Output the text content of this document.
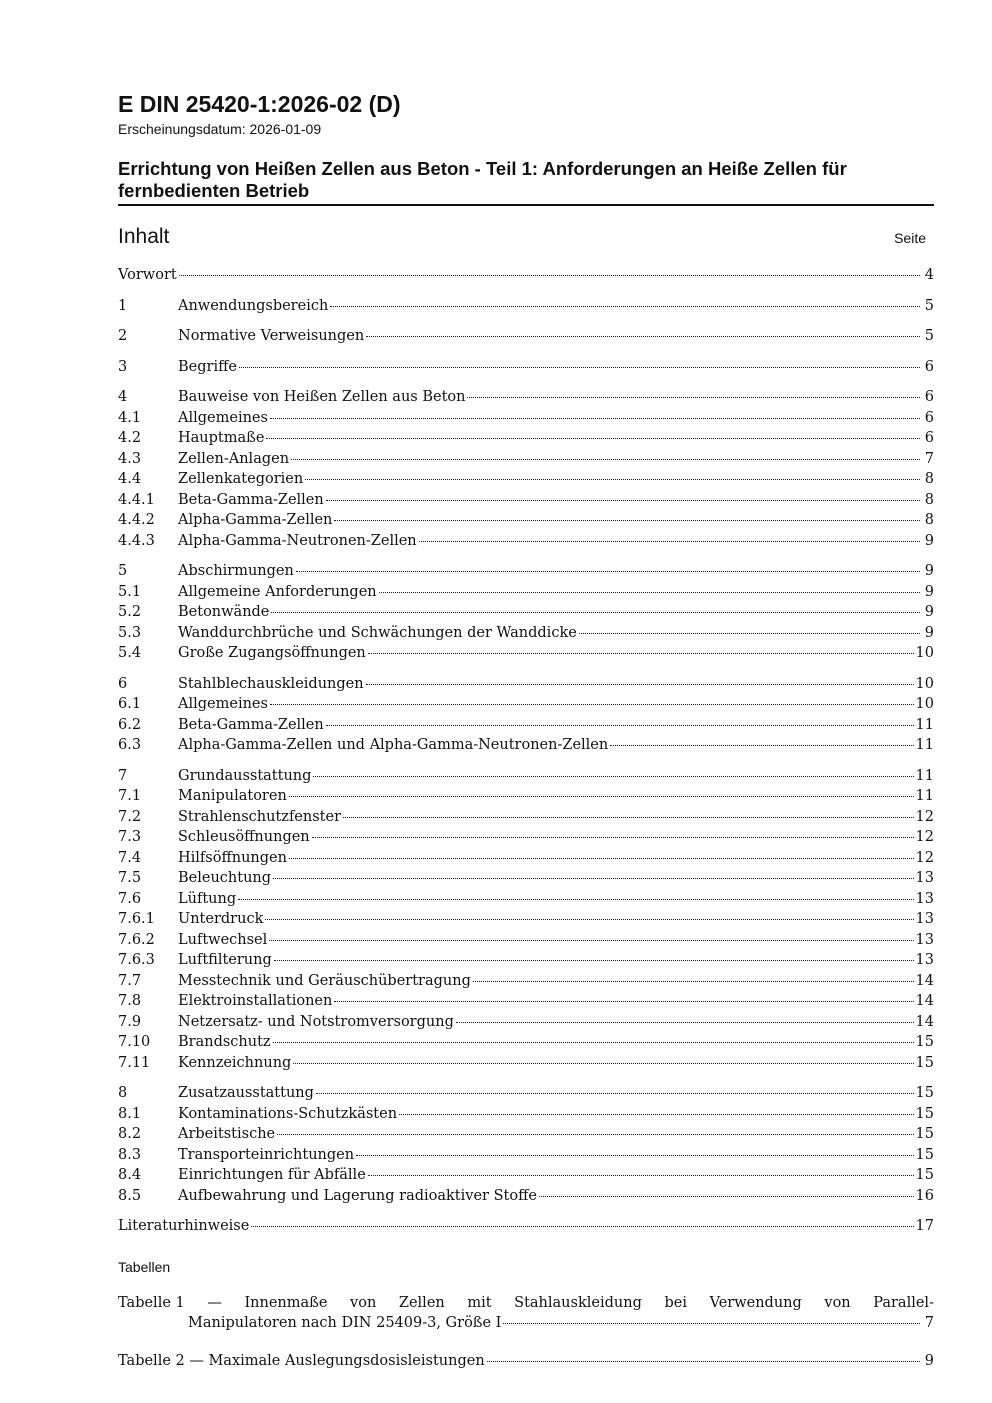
E DIN 25420-1:2026-02 (D)
Erscheinungsdatum: 2026-01-09
Errichtung von Heißen Zellen aus Beton - Teil 1: Anforderungen an Heiße Zellen für fernbedienten Betrieb
Inhalt	Seite
Vorwort	4
1	Anwendungsbereich	5
2	Normative Verweisungen	5
3	Begriffe	6
4	Bauweise von Heißen Zellen aus Beton	6
4.1	Allgemeines	6
4.2	Hauptmaße	6
4.3	Zellen-Anlagen	7
4.4	Zellenkategorien	8
4.4.1	Beta-Gamma-Zellen	8
4.4.2	Alpha-Gamma-Zellen	8
4.4.3	Alpha-Gamma-Neutronen-Zellen	9
5	Abschirmungen	9
5.1	Allgemeine Anforderungen	9
5.2	Betonwände	9
5.3	Wanddurchbrüche und Schwächungen der Wanddicke	9
5.4	Große Zugangsöffnungen	10
6	Stahlblechauskleidungen	10
6.1	Allgemeines	10
6.2	Beta-Gamma-Zellen	11
6.3	Alpha-Gamma-Zellen und Alpha-Gamma-Neutronen-Zellen	11
7	Grundausstattung	11
7.1	Manipulatoren	11
7.2	Strahlenschutzfenster	12
7.3	Schleusöffnungen	12
7.4	Hilfsöffnungen	12
7.5	Beleuchtung	13
7.6	Lüftung	13
7.6.1	Unterdruck	13
7.6.2	Luftwechsel	13
7.6.3	Luftfilterung	13
7.7	Messtechnik und Geräuschübertragung	14
7.8	Elektroinstallationen	14
7.9	Netzersatz- und Notstromversorgung	14
7.10	Brandschutz	15
7.11	Kennzeichnung	15
8	Zusatzausstattung	15
8.1	Kontaminations-Schutzkästen	15
8.2	Arbeitstische	15
8.3	Transporteinrichtungen	15
8.4	Einrichtungen für Abfälle	15
8.5	Aufbewahrung und Lagerung radioaktiver Stoffe	16
Literaturhinweise	17
Tabellen
Tabelle 1 — Innenmaße von Zellen mit Stahlauskleidung bei Verwendung von Parallel-
Manipulatoren nach DIN 25409-3, Größe I	7
Tabelle 2 — Maximale Auslegungsdosisleistungen	9
